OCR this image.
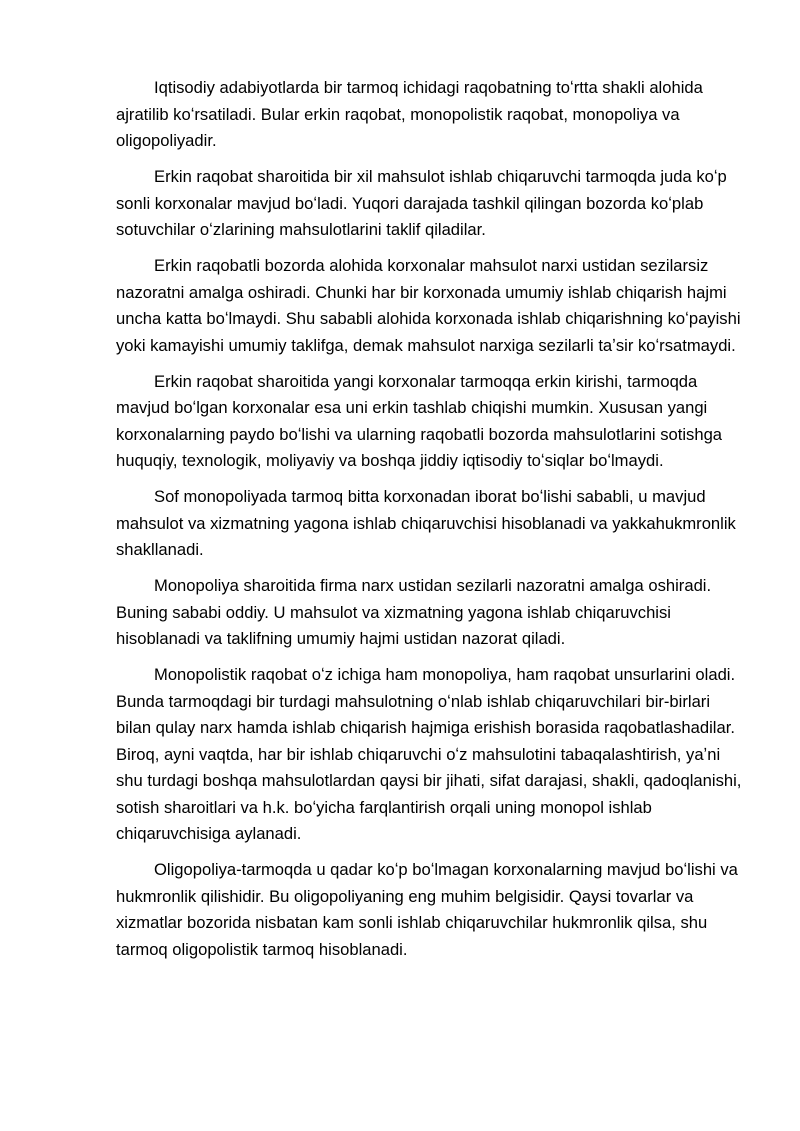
Iqtisodiy adabiyotlarda bir tarmoq ichidagi raqobatning toʻrtta shakli alohida ajratilib koʻrsatiladi. Bular erkin raqobat, monopolistik raqobat, monopoliya va oligopoliyadir.

Erkin raqobat sharoitida bir xil mahsulot ishlab chiqaruvchi tarmoqda juda koʻp sonli korxonalar mavjud boʻladi. Yuqori darajada tashkil qilingan bozorda koʻplab sotuvchilar oʻzlarining mahsulotlarini taklif qiladilar.

Erkin raqobatli bozorda alohida korxonalar mahsulot narxi ustidan sezilarsiz nazoratni amalga oshiradi. Chunki har bir korxonada umumiy ishlab chiqarish hajmi uncha katta boʻlmaydi. Shu sababli alohida korxonada ishlab chiqarishning koʻpayishi yoki kamayishi umumiy taklifga, demak mahsulot narxiga sezilarli taʼsir koʻrsatmaydi.

Erkin raqobat sharoitida yangi korxonalar tarmoqqa erkin kirishi, tarmoqda mavjud boʻlgan korxonalar esa uni erkin tashlab chiqishi mumkin. Xususan yangi korxonalarning paydo boʻlishi va ularning raqobatli bozorda mahsulotlarini sotishga huquqiy, texnologik, moliyaviy va boshqa jiddiy iqtisodiy toʻsiqlar boʻlmaydi.

Sof monopoliyada tarmoq bitta korxonadan iborat boʻlishi sababli, u mavjud mahsulot va xizmatning yagona ishlab chiqaruvchisi hisoblanadi va yakkahukmronlik shakllanadi.

Monopoliya sharoitida firma narx ustidan sezilarli nazoratni amalga oshiradi. Buning sababi oddiy. U mahsulot va xizmatning yagona ishlab chiqaruvchisi hisoblanadi va taklifning umumiy hajmi ustidan nazorat qiladi.

Monopolistik raqobat oʻz ichiga ham monopoliya, ham raqobat unsurlarini oladi. Bunda tarmoqdagi bir turdagi mahsulotning oʻnlab ishlab chiqaruvchilari bir-birlari bilan qulay narx hamda ishlab chiqarish hajmiga erishish borasida raqobatlashadilar. Biroq, ayni vaqtda, har bir ishlab chiqaruvchi oʻz mahsulotini tabaqalashtirish, yaʼni shu turdagi boshqa mahsulotlardan qaysi bir jihati, sifat darajasi, shakli, qadoqlanishi, sotish sharoitlari va h.k. boʻyicha farqlantirish orqali uning monopol ishlab chiqaruvchisiga aylanadi.

Oligopoliya-tarmoqda u qadar koʻp boʻlmagan korxonalarning mavjud boʻlishi va hukmronlik qilishidir. Bu oligopoliyaning eng muhim belgisidir. Qaysi tovarlar va xizmatlar bozorida nisbatan kam sonli ishlab chiqaruvchilar hukmronlik qilsa, shu tarmoq oligopolistik tarmoq hisoblanadi.
